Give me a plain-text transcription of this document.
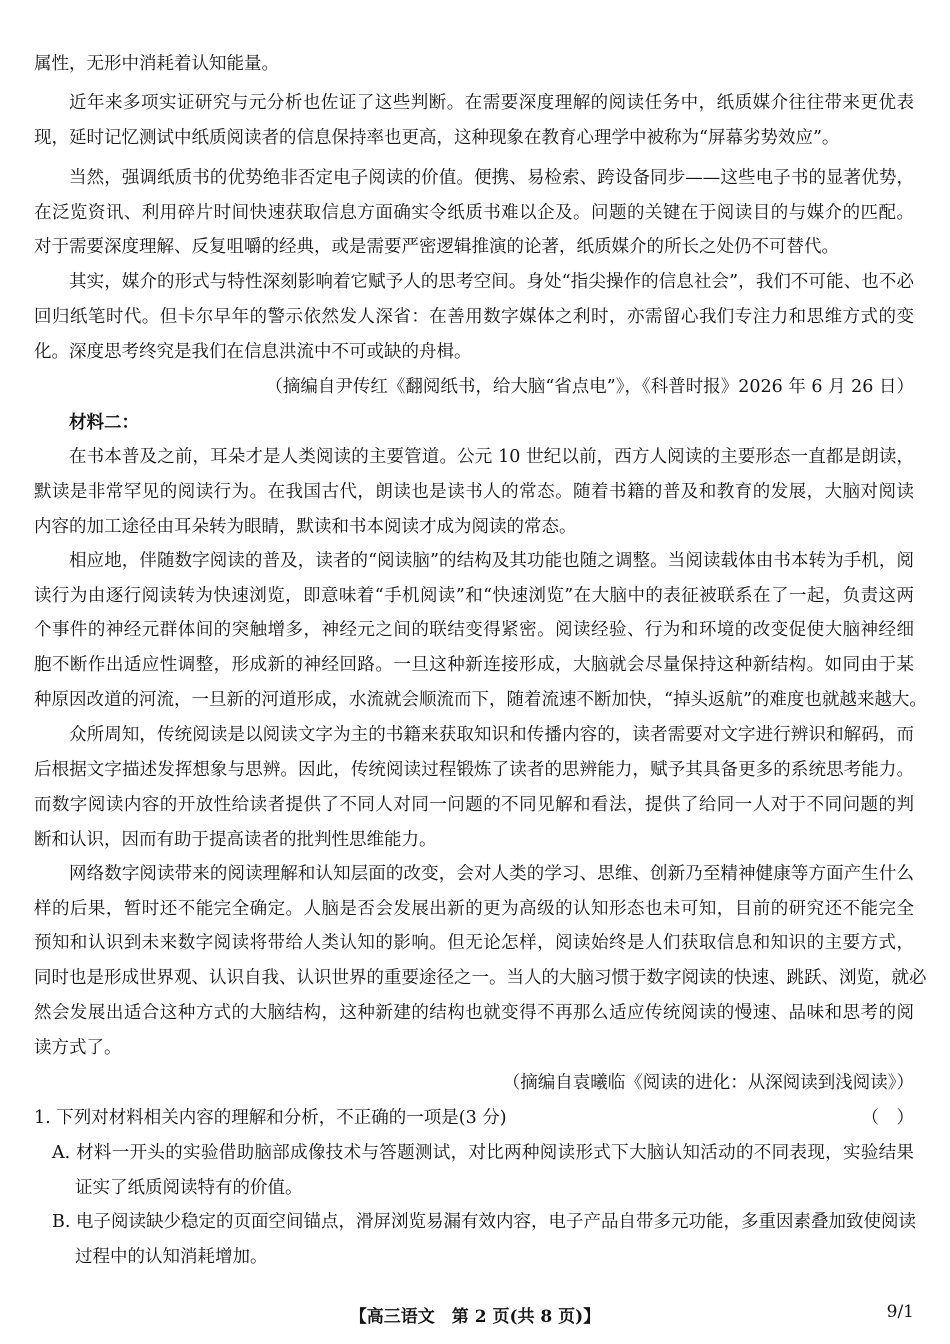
属性，无形中消耗着认知能量。
近年来多项实证研究与元分析也佐证了这些判断。在需要深度理解的阅读任务中，纸质媒介往往带来更优表
现，延时记忆测试中纸质阅读者的信息保持率也更高，这种现象在教育心理学中被称为“屏幕劣势效应”。
当然，强调纸质书的优势绝非否定电子阅读的价值。便携、易检索、跨设备同步——这些电子书的显著优势，
在泛览资讯、利用碎片时间快速获取信息方面确实令纸质书难以企及。问题的关键在于阅读目的与媒介的匹配。
对于需要深度理解、反复咀嚼的经典，或是需要严密逻辑推演的论著，纸质媒介的所长之处仍不可替代。
其实，媒介的形式与特性深刻影响着它赋予人的思考空间。身处“指尖操作的信息社会”，我们不可能、也不必
回归纸笔时代。但卡尔早年的警示依然发人深省：在善用数字媒体之利时，亦需留心我们专注力和思维方式的变
化。深度思考终究是我们在信息洪流中不可或缺的舟楫。
（摘编自尹传红《翻阅纸书，给大脑“省点电”》，《科普时报》2026 年 6 月 26 日）
材料二：
在书本普及之前，耳朵才是人类阅读的主要管道。公元 10 世纪以前，西方人阅读的主要形态一直都是朗读，
默读是非常罕见的阅读行为。在我国古代，朗读也是读书人的常态。随着书籍的普及和教育的发展，大脑对阅读
内容的加工途径由耳朵转为眼睛，默读和书本阅读才成为阅读的常态。
相应地，伴随数字阅读的普及，读者的“阅读脑”的结构及其功能也随之调整。当阅读载体由书本转为手机，阅
读行为由逐行阅读转为快速浏览，即意味着“手机阅读”和“快速浏览”在大脑中的表征被联系在了一起，负责这两
个事件的神经元群体间的突触增多，神经元之间的联结变得紧密。阅读经验、行为和环境的改变促使大脑神经细
胞不断作出适应性调整，形成新的神经回路。一旦这种新连接形成，大脑就会尽量保持这种新结构。如同由于某
种原因改道的河流，一旦新的河道形成，水流就会顺流而下，随着流速不断加快，“掉头返航”的难度也就越来越大。
众所周知，传统阅读是以阅读文字为主的书籍来获取知识和传播内容的，读者需要对文字进行辨识和解码，而
后根据文字描述发挥想象与思辨。因此，传统阅读过程锻炼了读者的思辨能力，赋予其具备更多的系统思考能力。
而数字阅读内容的开放性给读者提供了不同人对同一问题的不同见解和看法，提供了给同一人对于不同问题的判
断和认识，因而有助于提高读者的批判性思维能力。
网络数字阅读带来的阅读理解和认知层面的改变，会对人类的学习、思维、创新乃至精神健康等方面产生什么
样的后果，暂时还不能完全确定。人脑是否会发展出新的更为高级的认知形态也未可知，目前的研究还不能完全
预知和认识到未来数字阅读将带给人类认知的影响。但无论怎样，阅读始终是人们获取信息和知识的主要方式，
同时也是形成世界观、认识自我、认识世界的重要途径之一。当人的大脑习惯于数字阅读的快速、跳跃、浏览，就必
然会发展出适合这种方式的大脑结构，这种新建的结构也就变得不再那么适应传统阅读的慢速、品味和思考的阅
读方式了。
（摘编自袁曦临《阅读的进化：从深阅读到浅阅读》）
1. 下列对材料相关内容的理解和分析，不正确的一项是(3 分)	（　）
A. 材料一开头的实验借助脑部成像技术与答题测试，对比两种阅读形式下大脑认知活动的不同表现，实验结果
证实了纸质阅读特有的价值。
B. 电子阅读缺少稳定的页面空间锚点，滑屏浏览易漏有效内容，电子产品自带多元功能，多重因素叠加致使阅读
过程中的认知消耗增加。
【高三语文　第 2 页(共 8 页)】	9/1
